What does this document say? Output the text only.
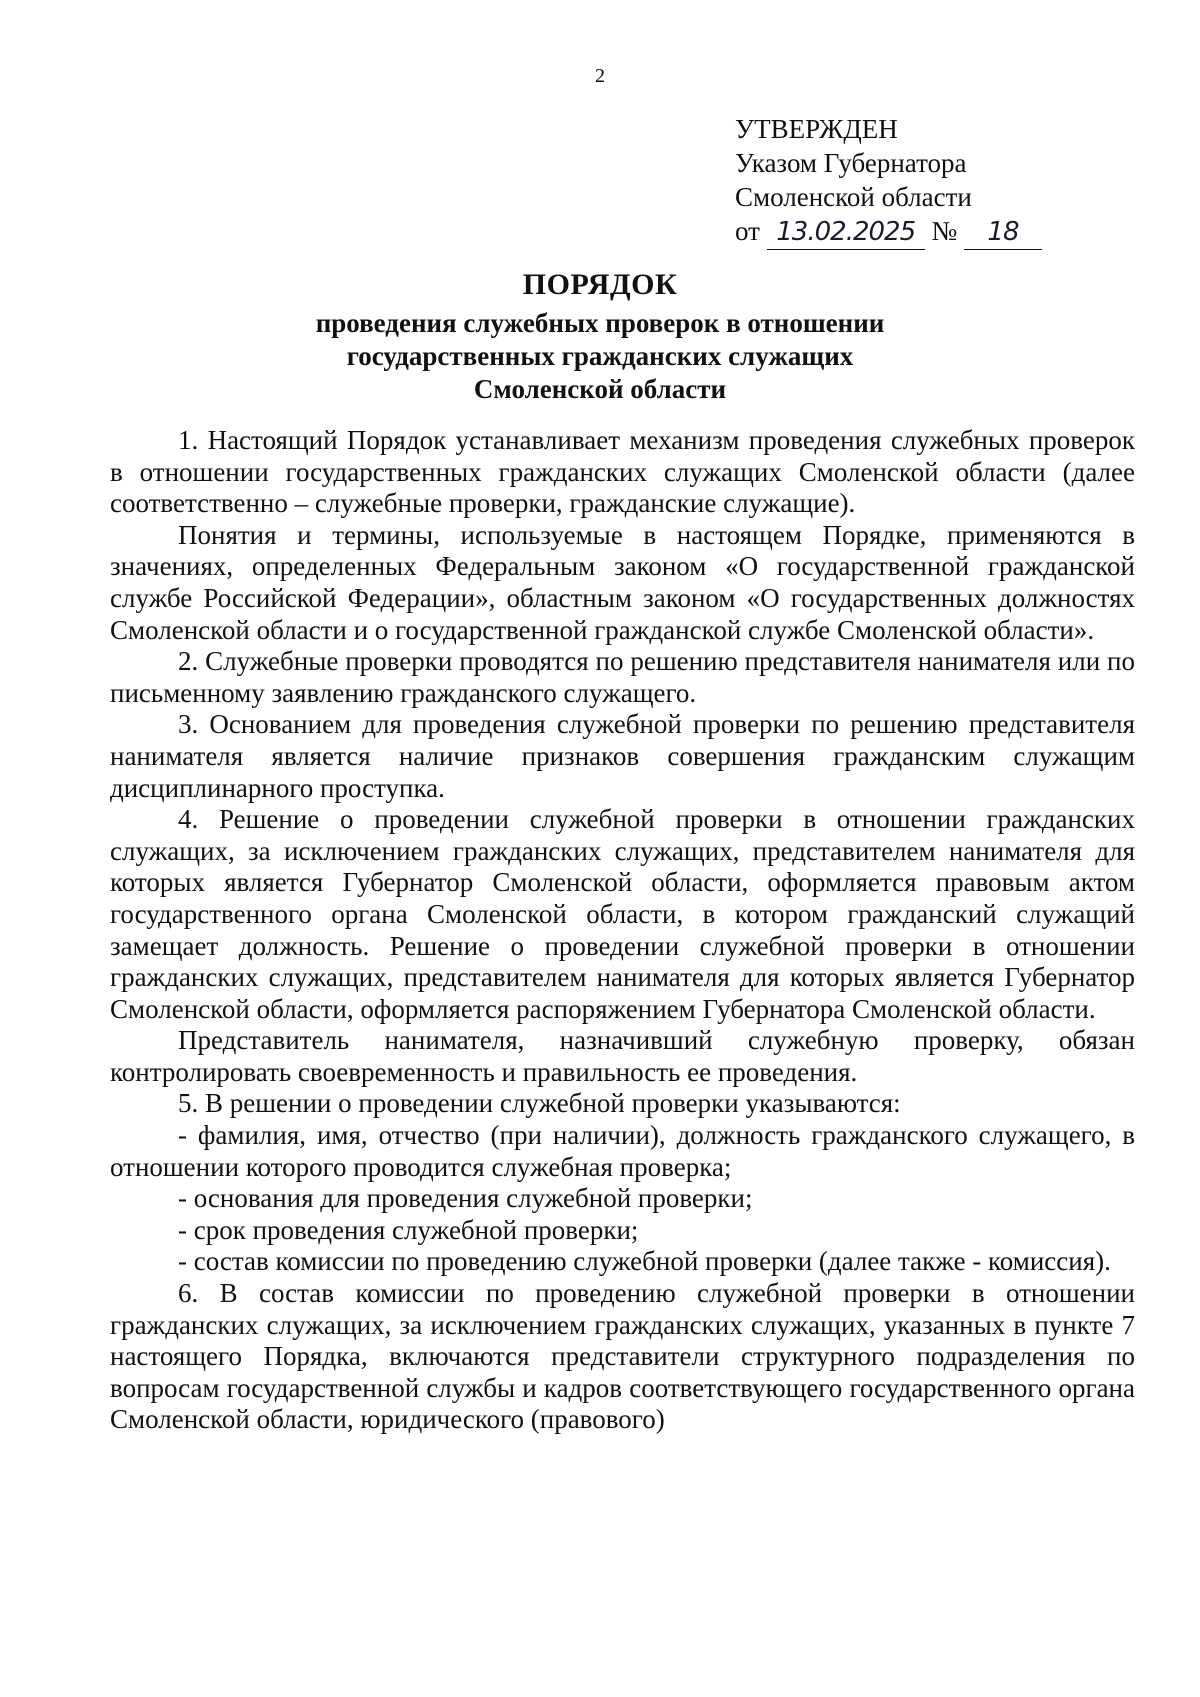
2
УТВЕРЖДЕН
Указом Губернатора
Смоленской области
от 13.02.2025 № 18
ПОРЯДОК
проведения служебных проверок в отношении
государственных гражданских служащих
Смоленской области

1. Настоящий Порядок устанавливает механизм проведения служебных проверок в отношении государственных гражданских служащих Смоленской области (далее соответственно – служебные проверки, гражданские служащие).

Понятия и термины, используемые в настоящем Порядке, применяются в значениях, определенных Федеральным законом «О государственной гражданской службе Российской Федерации», областным законом «О государственных должностях Смоленской области и о государственной гражданской службе Смоленской области».

2. Служебные проверки проводятся по решению представителя нанимателя или по письменному заявлению гражданского служащего.

3. Основанием для проведения служебной проверки по решению представителя нанимателя является наличие признаков совершения гражданским служащим дисциплинарного проступка.

4. Решение о проведении служебной проверки в отношении гражданских служащих, за исключением гражданских служащих, представителем нанимателя для которых является Губернатор Смоленской области, оформляется правовым актом государственного органа Смоленской области, в котором гражданский служащий замещает должность. Решение о проведении служебной проверки в отношении гражданских служащих, представителем нанимателя для которых является Губернатор Смоленской области, оформляется распоряжением Губернатора Смоленской области.

Представитель нанимателя, назначивший служебную проверку, обязан контролировать своевременность и правильность ее проведения.

5. В решении о проведении служебной проверки указываются:

- фамилия, имя, отчество (при наличии), должность гражданского служащего, в отношении которого проводится служебная проверка;

- основания для проведения служебной проверки;

- срок проведения служебной проверки;

- состав комиссии по проведению служебной проверки (далее также - комиссия).

6. В состав комиссии по проведению служебной проверки в отношении гражданских служащих, за исключением гражданских служащих, указанных в пункте 7 настоящего Порядка, включаются представители структурного подразделения по вопросам государственной службы и кадров соответствующего государственного органа Смоленской области, юридического (правового)
